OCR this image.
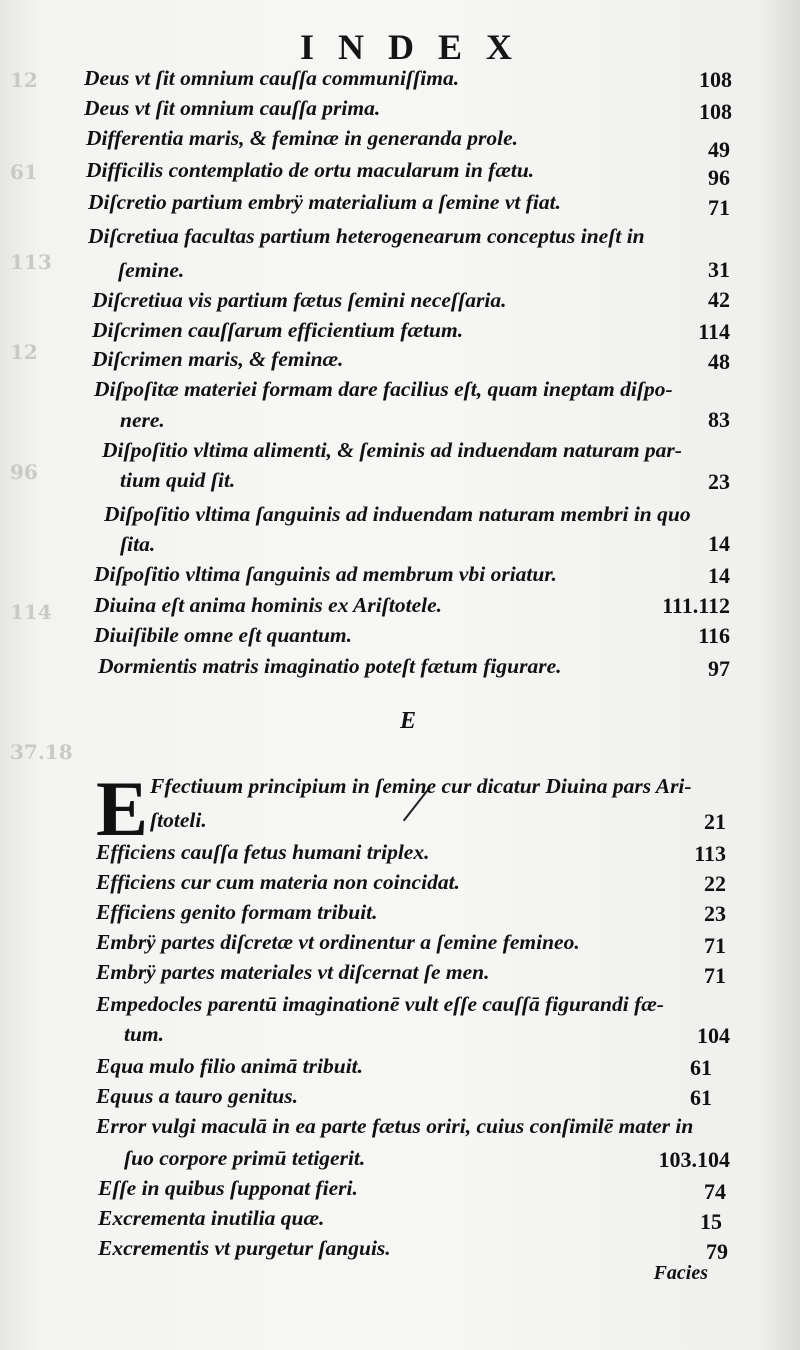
12
61
113
12
96
114
37.18
INDEX
Deus vt ſit omnium cauſſa communiſſima.	108
Deus vt ſit omnium cauſſa prima.	108
Differentia maris, & feminæ in generanda prole.	49
Difficilis contemplatio de ortu macularum in fætu.	96
Diſcretio partium embrÿ materialium a ſemine vt fiat.	71
Diſcretiua facultas partium heterogenearum conceptus ineſt in
ſemine.	31
Diſcretiua vis partium fætus ſemini neceſſaria.	42
Diſcrimen cauſſarum efficientium fætum.	114
Diſcrimen maris, & feminæ.	48
Diſpoſitæ materiei formam dare facilius eſt, quam ineptam diſpo-
nere.	83
Diſpoſitio vltima alimenti, & ſeminis ad induendam naturam par-
tium quid ſit.	23
Diſpoſitio vltima ſanguinis ad induendam naturam membri in quo
ſita.	14
Diſpoſitio vltima ſanguinis ad membrum vbi oriatur.	14
Diuina eſt anima hominis ex Ariſtotele.	111.112
Diuiſibile omne eſt quantum.	116
Dormientis matris imaginatio poteſt fætum figurare.	97
E
E Ffectiuum principium in ſemine cur dicatur Diuina pars Ari-
ſtoteli.	21
Efficiens cauſſa fetus humani triplex.	113
Efficiens cur cum materia non coincidat.	22
Efficiens genito formam tribuit.	23
Embrÿ partes diſcretæ vt ordinentur a ſemine femineo.	71
Embrÿ partes materiales vt diſcernat ſe men.	71
Empedocles parentū imaginationē vult eſſe cauſſā figurandi fæ-
tum.	104
Equa mulo filio animā tribuit.	61
Equus a tauro genitus.	61
Error vulgi maculā in ea parte fætus oriri, cuius conſimilē mater in
ſuo corpore primū tetigerit.	103.104
Eſſe in quibus ſupponat fieri.	74
Excrementa inutilia quæ.	15
Excrementis vt purgetur ſanguis.	79
Facies
